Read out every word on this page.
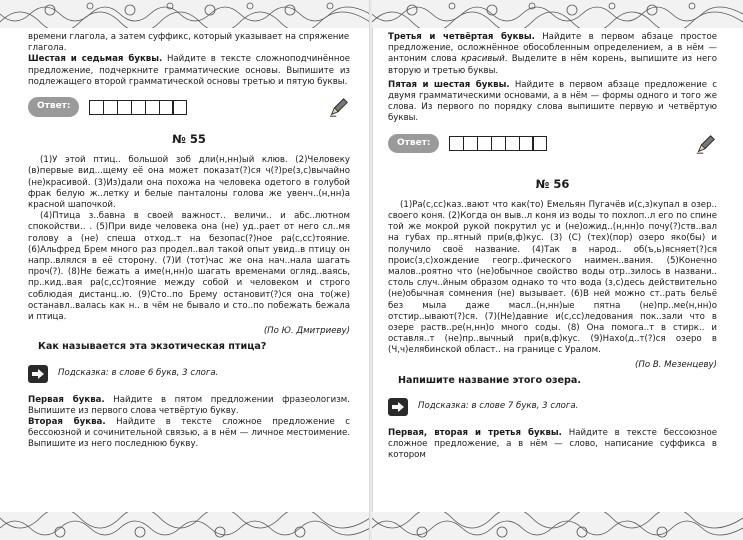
времени глагола, а затем суффикс, который указывает на спряжение

глагола.

Шестая и седьмая буквы. Найдите в тексте сложноподчинённое предложение, подчеркните грамматические основы. Выпишите из подлежащего второй грамматической основы третью и пятую буквы.

Ответ:
№ 55

(1)У этой птиц.. большой зоб дли(н,нн)ый клюв. (2)Человеку (в)первые вид...щему её она может показат(?)ся ч(?)ре(з,с)вычайно (не)красивой. (3)Из)дали она похожа на человека одетого в голубой фрак белую ж..летку и белые панталоны голова же увенч..(н,нн)а красной шапочкой.

(4)Птица з..бавна в своей важност.. величи.. и абс..лютном спокойстви.. . (5)При виде человека она (не) уд..рает от него сл..мя голову а (не) спеша отход..т на безопас(?)ное ра(с,сс)тояние. (6)Альфред Брем много раз продел..вал такой опыт увид..в птицу он напр..влялся в её сторону. (7)И (тот)час же она нач..нала шагать проч(?). (8)Не бежать а име(н,нн)о шагать временами огляд..ваясь, пр..кид..вая ра(с,сс)тояние между собой и человеком и строго соблюдая дистанц..ю. (9)Сто..по Брему остановит(?)ся она то(же) останавл..валась как н.. в чём не бывало и сто..по побежать бежала и птица.

(По Ю. Дмитриеву)

Как называется эта экзотическая птица?

Подсказка: в слове 6 букв, 3 слога.

Первая буква. Найдите в пятом предложении фразеологизм. Выпишите из первого слова четвёртую букву.

Вторая буква. Найдите в тексте сложное предложение с бессоюзной и сочинительной связью, а в нём — личное местоимение. Выпишите из него последнюю букву.

Третья и четвёртая буквы. Найдите в первом абзаце простое предложение, осложнённое обособленным определением, а в нём — антоним слова красивый. Выделите в нём корень, выпишите из него вторую и третью буквы.

Пятая и шестая буквы. Найдите в первом абзаце предложение с двумя грамматическими основами, а в нём — формы одного и того же слова. Из первого по порядку слова выпишите первую и четвёртую буквы.

Ответ:
№ 56

(1)Ра(с,сс)каз..вают что как(то) Емельян Пугачёв и(с,з)купал в озер.. своего коня. (2)Когда он выв..л коня из воды то похлоп..л его по спине той же мокрой рукой покрутил ус и (не)ожид..(н,нн)о почу(?)ств..вал на губах пр..ятный при(в,ф)кус. (3) (С) (тех)(пор) озеро яко(бы) и получило своё название. (4)Так в народ.. об(ъ,ь)ясняет(?)ся проис(з,с)хождение геогр..фического наимен..вания. (5)Конечно малов..роятно что (не)обычное свойство воды отр..зилось в названи.. столь случ..йным образом однако то что вода (з,с)десь действительно (не)обычная сомнения (не) вызывает. (6)В ней можно ст..рать бельё без мыла даже масл..(н,нн)ые пятна (не)пр..ме(н,нн)о отстир..ывают(?)ся. (7)(Не)давние и(с,сс)ледования пок..зали что в озере раств..ре(н,нн)о много соды. (8) Она помога..т в стирк.. и оставля..т (не)пр..вычный при(в,ф)кус. (9)Нахо(д..т(?)ся озеро в (Ч,ч)елябинской област.. на границе с Уралом.

(По В. Мезенцеву)

Напишите название этого озера.

Подсказка: в слове 7 букв, 3 слога.

Первая, вторая и третья буквы. Найдите в тексте бессоюзное сложное предложение, а в нём — слово, написание суффикса в котором
